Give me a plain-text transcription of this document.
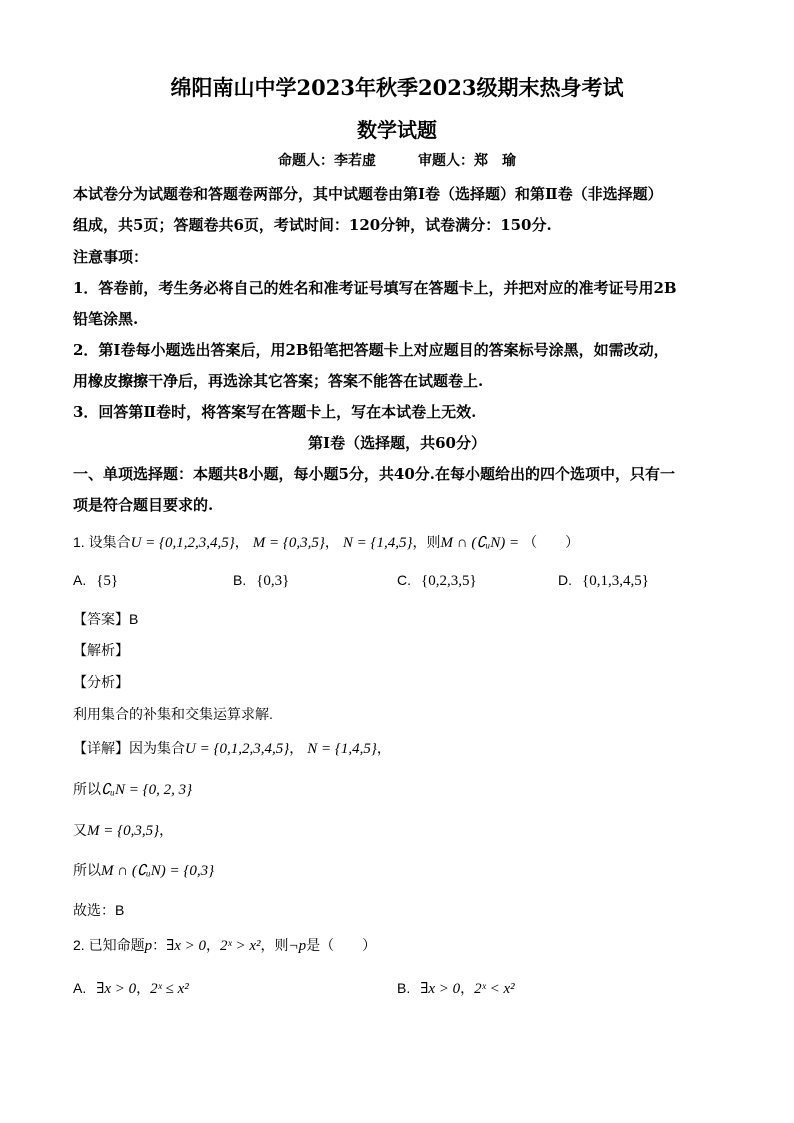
绵阳南山中学2023年秋季2023级期末热身考试
数学试题
命题人：李若虚　　　审题人：郑　瑜
本试卷分为试题卷和答题卷两部分，其中试题卷由第Ⅰ卷（选择题）和第Ⅱ卷（非选择题）
组成，共5页；答题卷共6页，考试时间：120分钟，试卷满分：150分.
注意事项：
1．答卷前，考生务必将自己的姓名和准考证号填写在答题卡上，并把对应的准考证号用2B
铅笔涂黑.
2．第Ⅰ卷每小题选出答案后，用2B铅笔把答题卡上对应题目的答案标号涂黑，如需改动，
用橡皮擦擦干净后，再选涂其它答案；答案不能答在试题卷上.
3．回答第Ⅱ卷时，将答案写在答题卡上，写在本试卷上无效.
第Ⅰ卷（选择题，共60分）
一、单项选择题：本题共8小题，每小题5分，共40分.在每小题给出的四个选项中，只有一
项是符合题目要求的.
1. 设集合U = {0,1,2,3,4,5}， M = {0,3,5}， N = {1,4,5}，则M ∩ (∁ᵤN) = （　　）
A. {5}	B. {0,3}	C. {0,2,3,5}	D. {0,1,3,4,5}
【答案】B
【解析】
【分析】
利用集合的补集和交集运算求解.
【详解】因为集合U = {0,1,2,3,4,5}， N = {1,4,5}，
所以∁ᵤN = {0, 2, 3}
又M = {0,3,5}，
所以M ∩ (∁ᵤN) = {0,3}
故选：B
2. 已知命题p：∃x > 0，2ˣ > x²，则¬p是（　　）
A. ∃x > 0，2ˣ ≤ x²	B. ∃x > 0，2ˣ < x²
